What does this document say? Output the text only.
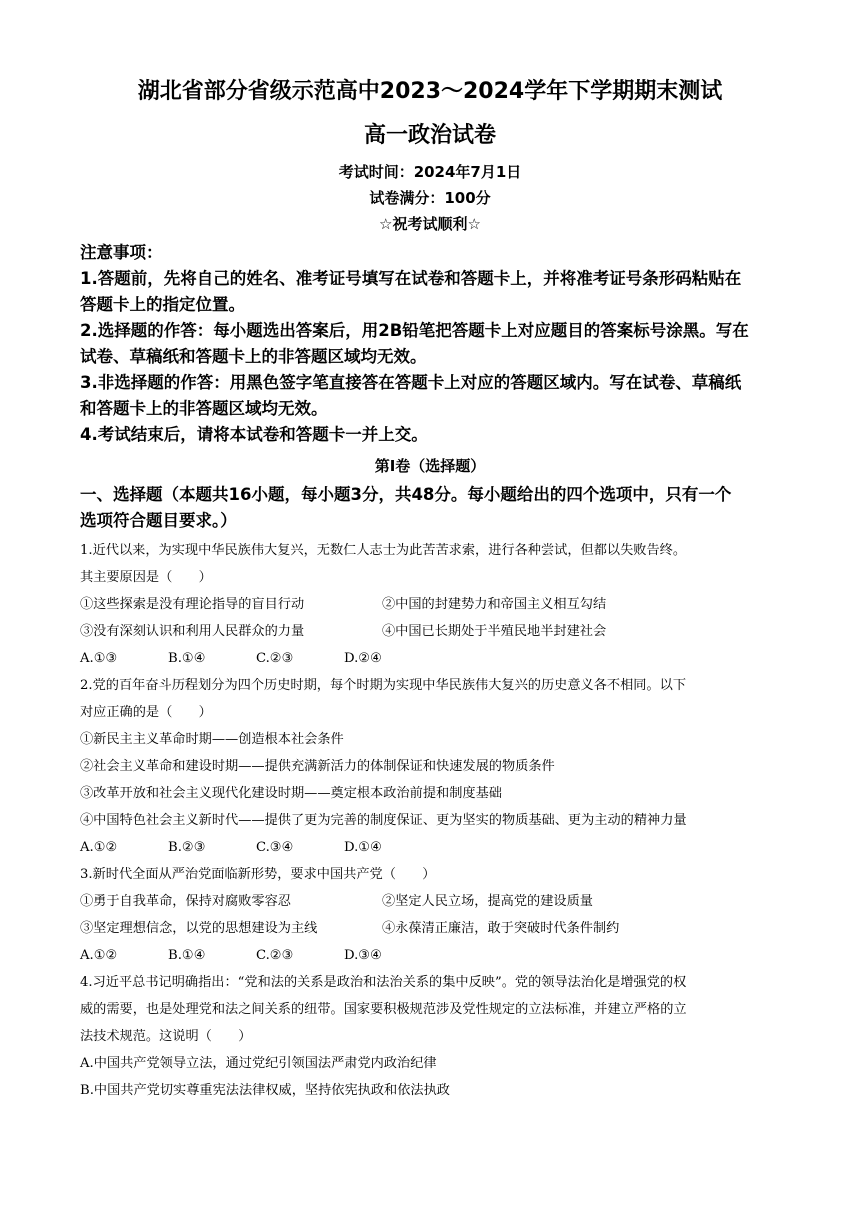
湖北省部分省级示范高中2023～2024学年下学期期末测试
高一政治试卷
考试时间：2024年7月1日
试卷满分：100分
☆祝考试顺利☆

注意事项：

1.答题前，先将自己的姓名、准考证号填写在试卷和答题卡上，并将准考证号条形码粘贴在

答题卡上的指定位置。

2.选择题的作答：每小题选出答案后，用2B铅笔把答题卡上对应题目的答案标号涂黑。写在

试卷、草稿纸和答题卡上的非答题区域均无效。

3.非选择题的作答：用黑色签字笔直接答在答题卡上对应的答题区域内。写在试卷、草稿纸

和答题卡上的非答题区域均无效。

4.考试结束后，请将本试卷和答题卡一并上交。

第Ⅰ卷（选择题）
一、选择题（本题共16小题，每小题3分，共48分。每小题给出的四个选项中，只有一个
选项符合题目要求。）
1.近代以来，为实现中华民族伟大复兴，无数仁人志士为此苦苦求索，进行各种尝试，但都以失败告终。
其主要原因是（　　）
①这些探索是没有理论指导的盲目行动	②中国的封建势力和帝国主义相互勾结
③没有深刻认识和利用人民群众的力量	④中国已长期处于半殖民地半封建社会
A.①③	B.①④	C.②③	D.②④
2.党的百年奋斗历程划分为四个历史时期，每个时期为实现中华民族伟大复兴的历史意义各不相同。以下
对应正确的是（　　）
①新民主主义革命时期——创造根本社会条件
②社会主义革命和建设时期——提供充满新活力的体制保证和快速发展的物质条件
③改革开放和社会主义现代化建设时期——奠定根本政治前提和制度基础
④中国特色社会主义新时代——提供了更为完善的制度保证、更为坚实的物质基础、更为主动的精神力量
A.①②	B.②③	C.③④	D.①④
3.新时代全面从严治党面临新形势，要求中国共产党（　　）
①勇于自我革命，保持对腐败零容忍	②坚定人民立场，提高党的建设质量
③坚定理想信念，以党的思想建设为主线	④永葆清正廉洁，敢于突破时代条件制约
A.①②	B.①④	C.②③	D.③④
4.习近平总书记明确指出：“党和法的关系是政治和法治关系的集中反映”。党的领导法治化是增强党的权
威的需要，也是处理党和法之间关系的纽带。国家要积极规范涉及党性规定的立法标准，并建立严格的立
法技术规范。这说明（　　）
A.中国共产党领导立法，通过党纪引领国法严肃党内政治纪律
B.中国共产党切实尊重宪法法律权威，坚持依宪执政和依法执政
